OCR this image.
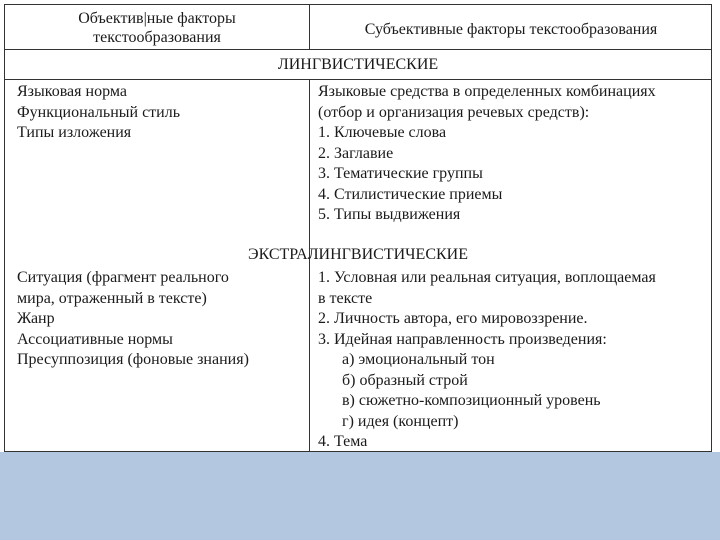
Объектив|ные факторы
текстообразования	Субъективные факторы текстообразования
ЛИНГВИСТИЧЕСКИЕ
Языковая норма
Функциональный стиль
Типы изложения
Языковые средства в определенных комбинациях
(отбор и организация речевых средств):
1. Ключевые слова
2. Заглавие
3. Тематические группы
4. Стилистические приемы
5. Типы выдвижения
ЭКСТРАЛИНГВИСТИЧЕСКИЕ
Ситуация (фрагмент реального
мира, отраженный в тексте)
Жанр
Ассоциативные нормы
Пресуппозиция (фоновые знания)
1. Условная или реальная ситуация, воплощаемая
в тексте
2. Личность автора, его мировоззрение.
3. Идейная направленность произведения:
а) эмоциональный тон
б) образный строй
в) сюжетно-композиционный уровень
г) идея (концепт)
4. Тема
